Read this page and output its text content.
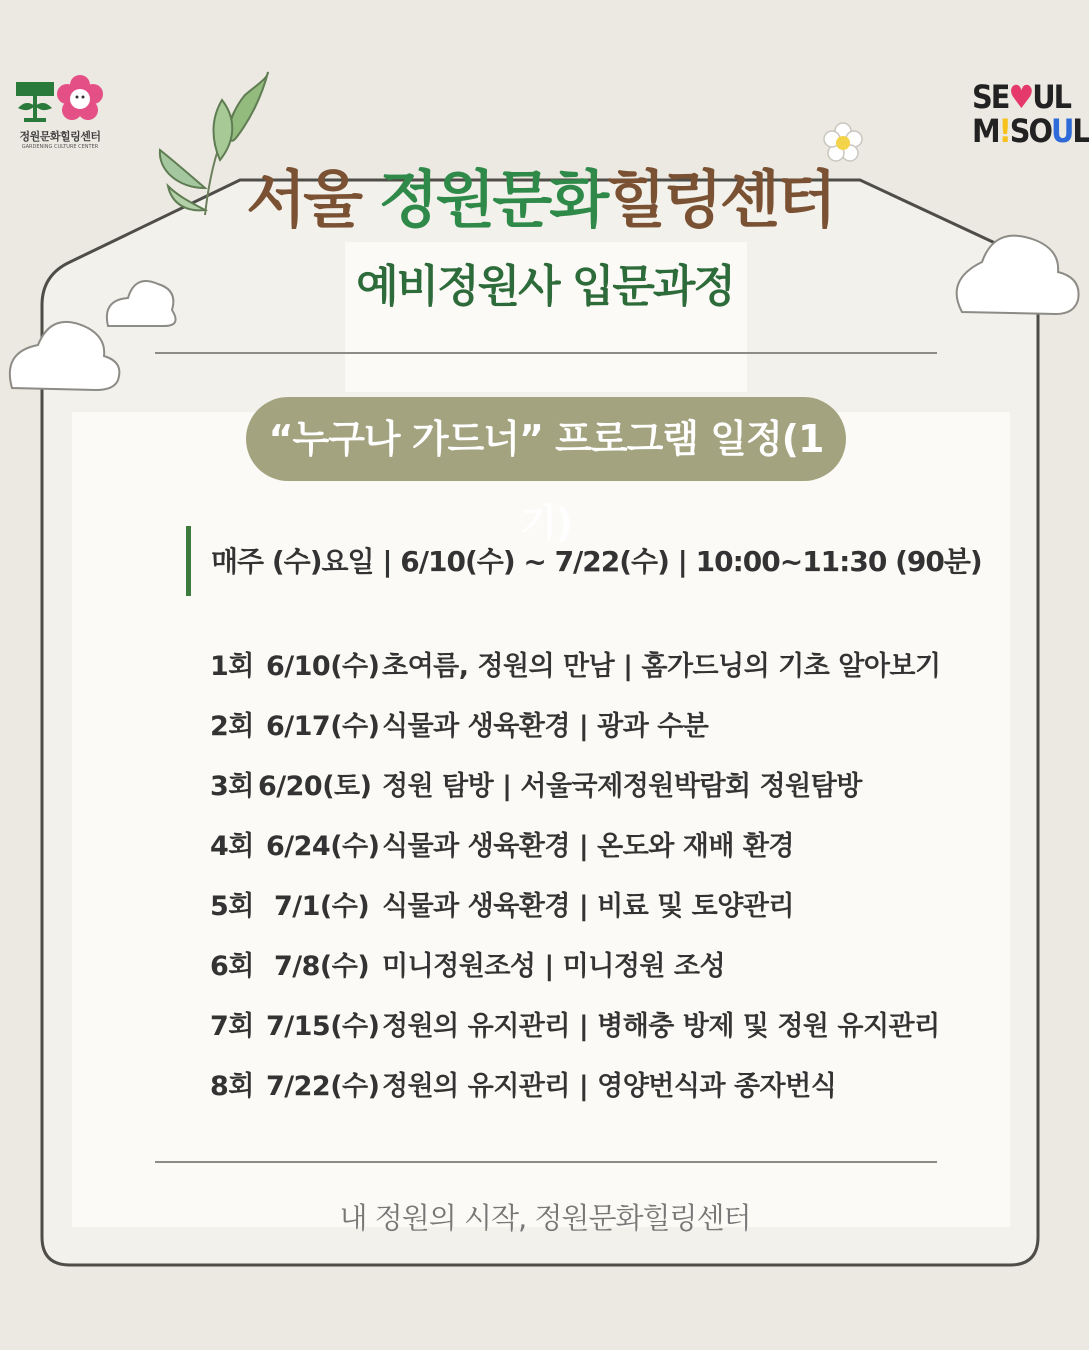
정원문화힐링센터
GARDENING CULTURE CENTER
SE♥UL
M!SOUL
서울 정원문화힐링센터
예비정원사 입문과정
“누구나 가드너” 프로그램 일정(1기)
매주 (수)요일 | 6/10(수) ~ 7/22(수) | 10:00~11:30 (90분)
1회 6/10(수) 초여름, 정원의 만남 | 홈가드닝의 기초 알아보기
2회 6/17(수) 식물과 생육환경 | 광과 수분
3회 6/20(토) 정원 탐방 | 서울국제정원박람회 정원탐방
4회 6/24(수) 식물과 생육환경 | 온도와 재배 환경
5회 7/1(수) 식물과 생육환경 | 비료 및 토양관리
6회 7/8(수) 미니정원조성 | 미니정원 조성
7회 7/15(수) 정원의 유지관리 | 병해충 방제 및 정원 유지관리
8회 7/22(수) 정원의 유지관리 | 영양번식과 종자번식
내 정원의 시작, 정원문화힐링센터
